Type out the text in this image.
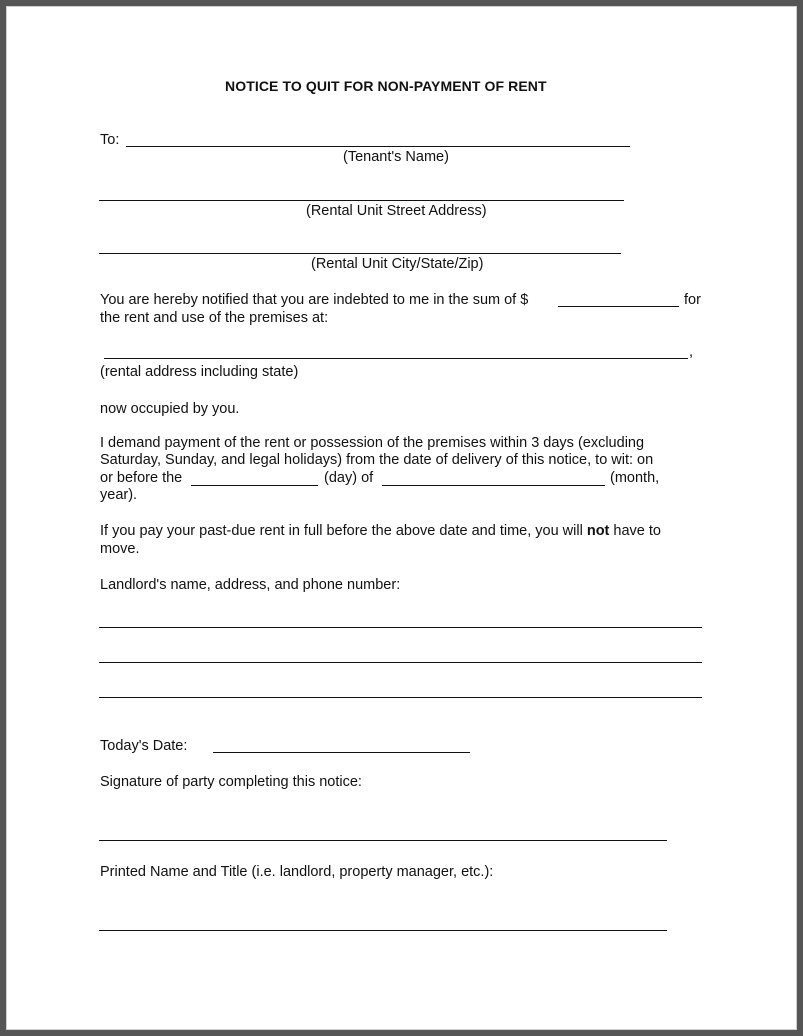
NOTICE TO QUIT FOR NON-PAYMENT OF RENT
To:
(Tenant's Name)
(Rental Unit Street Address)
(Rental Unit City/State/Zip)
You are hereby notified that you are indebted to me in the sum of $	for
the rent and use of the premises at:
,
(rental address including state)
now occupied by you.
I demand payment of the rent or possession of the premises within 3 days (excluding
Saturday, Sunday, and legal holidays) from the date of delivery of this notice, to wit: on
or before the	(day) of	(month,
year).
If you pay your past-due rent in full before the above date and time, you will not have to
move.
Landlord's name, address, and phone number:
Today's Date:
Signature of party completing this notice:
Printed Name and Title (i.e. landlord, property manager, etc.):
